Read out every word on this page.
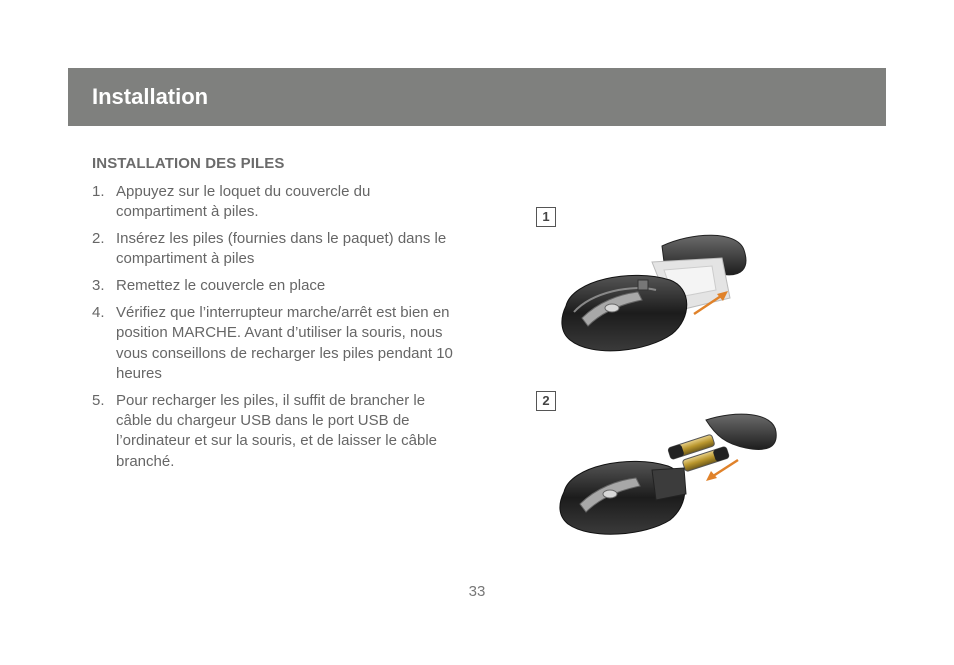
Installation
INSTALLATION DES PILES
1. Appuyez sur le loquet du couvercle du compartiment à piles.
2. Insérez les piles (fournies dans le paquet) dans le compartiment à piles
3. Remettez le couvercle en place
4. Vérifiez que l’interrupteur marche/arrêt est bien en position MARCHE. Avant d’utiliser la souris, nous vous conseillons de recharger les piles pendant 10 heures
5. Pour recharger les piles, il suffit de brancher le câble du chargeur USB dans le port USB de l’ordinateur et sur la souris, et de laisser le câble branché.
1
2
33
